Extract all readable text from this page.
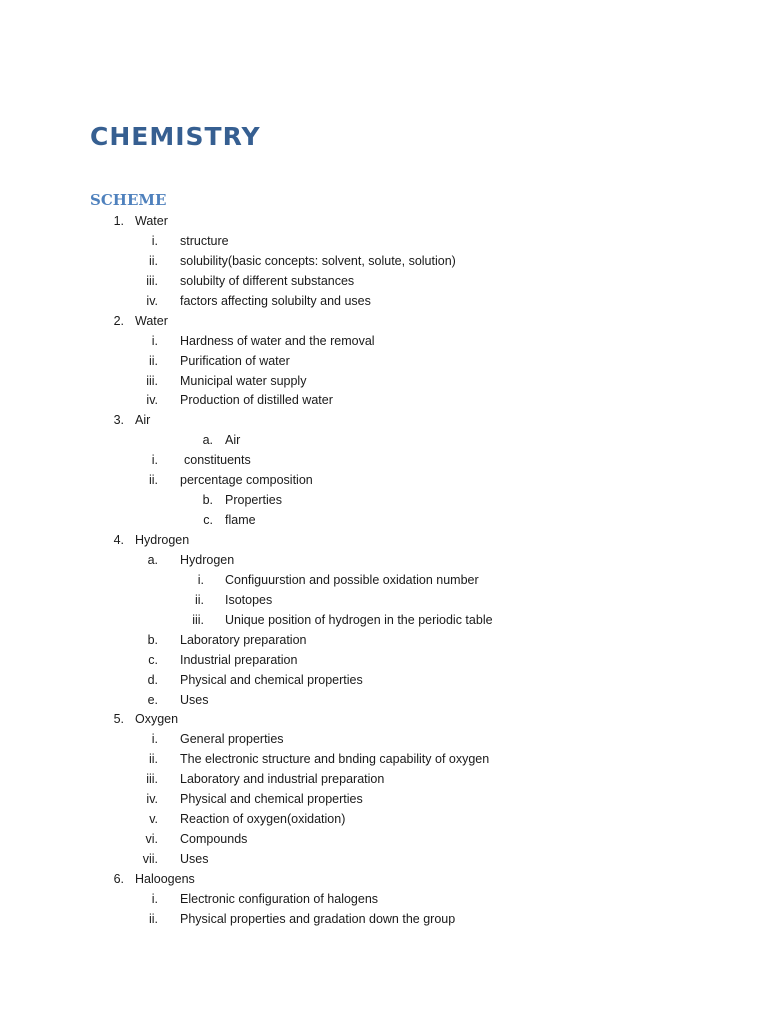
CHEMISTRY
SCHEME
1. Water
i. structure
ii. solubility(basic concepts: solvent, solute, solution)
iii. solubilty of different substances
iv. factors affecting solubilty and uses
2. Water
i. Hardness of water and the removal
ii. Purification of water
iii. Municipal water supply
iv. Production of distilled water
3. Air
a. Air
i. constituents
ii. percentage composition
b. Properties
c. flame
4. Hydrogen
a. Hydrogen
i. Configuurstion and possible oxidation number
ii. Isotopes
iii. Unique position of hydrogen in the periodic table
b. Laboratory preparation
c. Industrial preparation
d. Physical and chemical properties
e. Uses
5. Oxygen
i. General properties
ii. The electronic structure and bnding capability of oxygen
iii. Laboratory and industrial preparation
iv. Physical and chemical properties
v. Reaction of oxygen(oxidation)
vi. Compounds
vii. Uses
6. Haloogens
i. Electronic configuration of halogens
ii. Physical properties and gradation down the group
